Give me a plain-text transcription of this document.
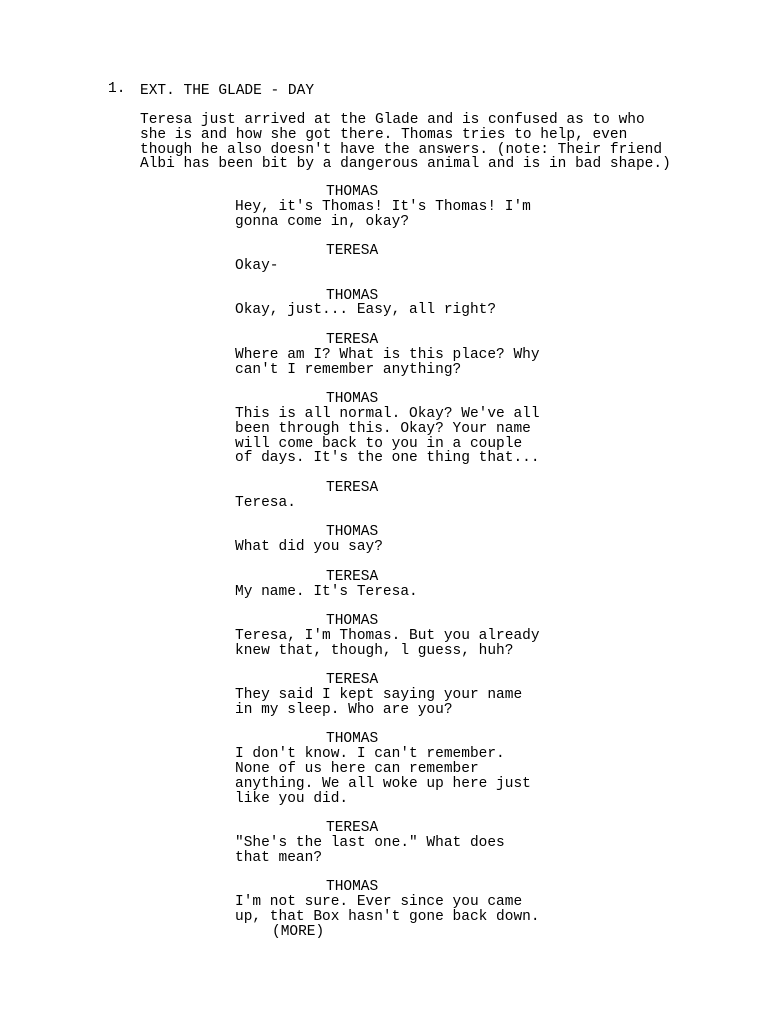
1. EXT. THE GLADE - DAY
Teresa just arrived at the Glade and is confused as to who
she is and how she got there. Thomas tries to help, even
though he also doesn't have the answers. (note: Their friend
Albi has been bit by a dangerous animal and is in bad shape.)
THOMAS
Hey, it's Thomas! It's Thomas! I'm
gonna come in, okay?
TERESA
Okay-
THOMAS
Okay, just... Easy, all right?
TERESA
Where am I? What is this place? Why
can't I remember anything?
THOMAS
This is all normal. Okay? We've all
been through this. Okay? Your name
will come back to you in a couple
of days. It's the one thing that...
TERESA
Teresa.
THOMAS
What did you say?
TERESA
My name. It's Teresa.
THOMAS
Teresa, I'm Thomas. But you already
knew that, though, l guess, huh?
TERESA
They said I kept saying your name
in my sleep. Who are you?
THOMAS
I don't know. I can't remember.
None of us here can remember
anything. We all woke up here just
like you did.
TERESA
"She's the last one." What does
that mean?
THOMAS
I'm not sure. Ever since you came
up, that Box hasn't gone back down.
(MORE)
